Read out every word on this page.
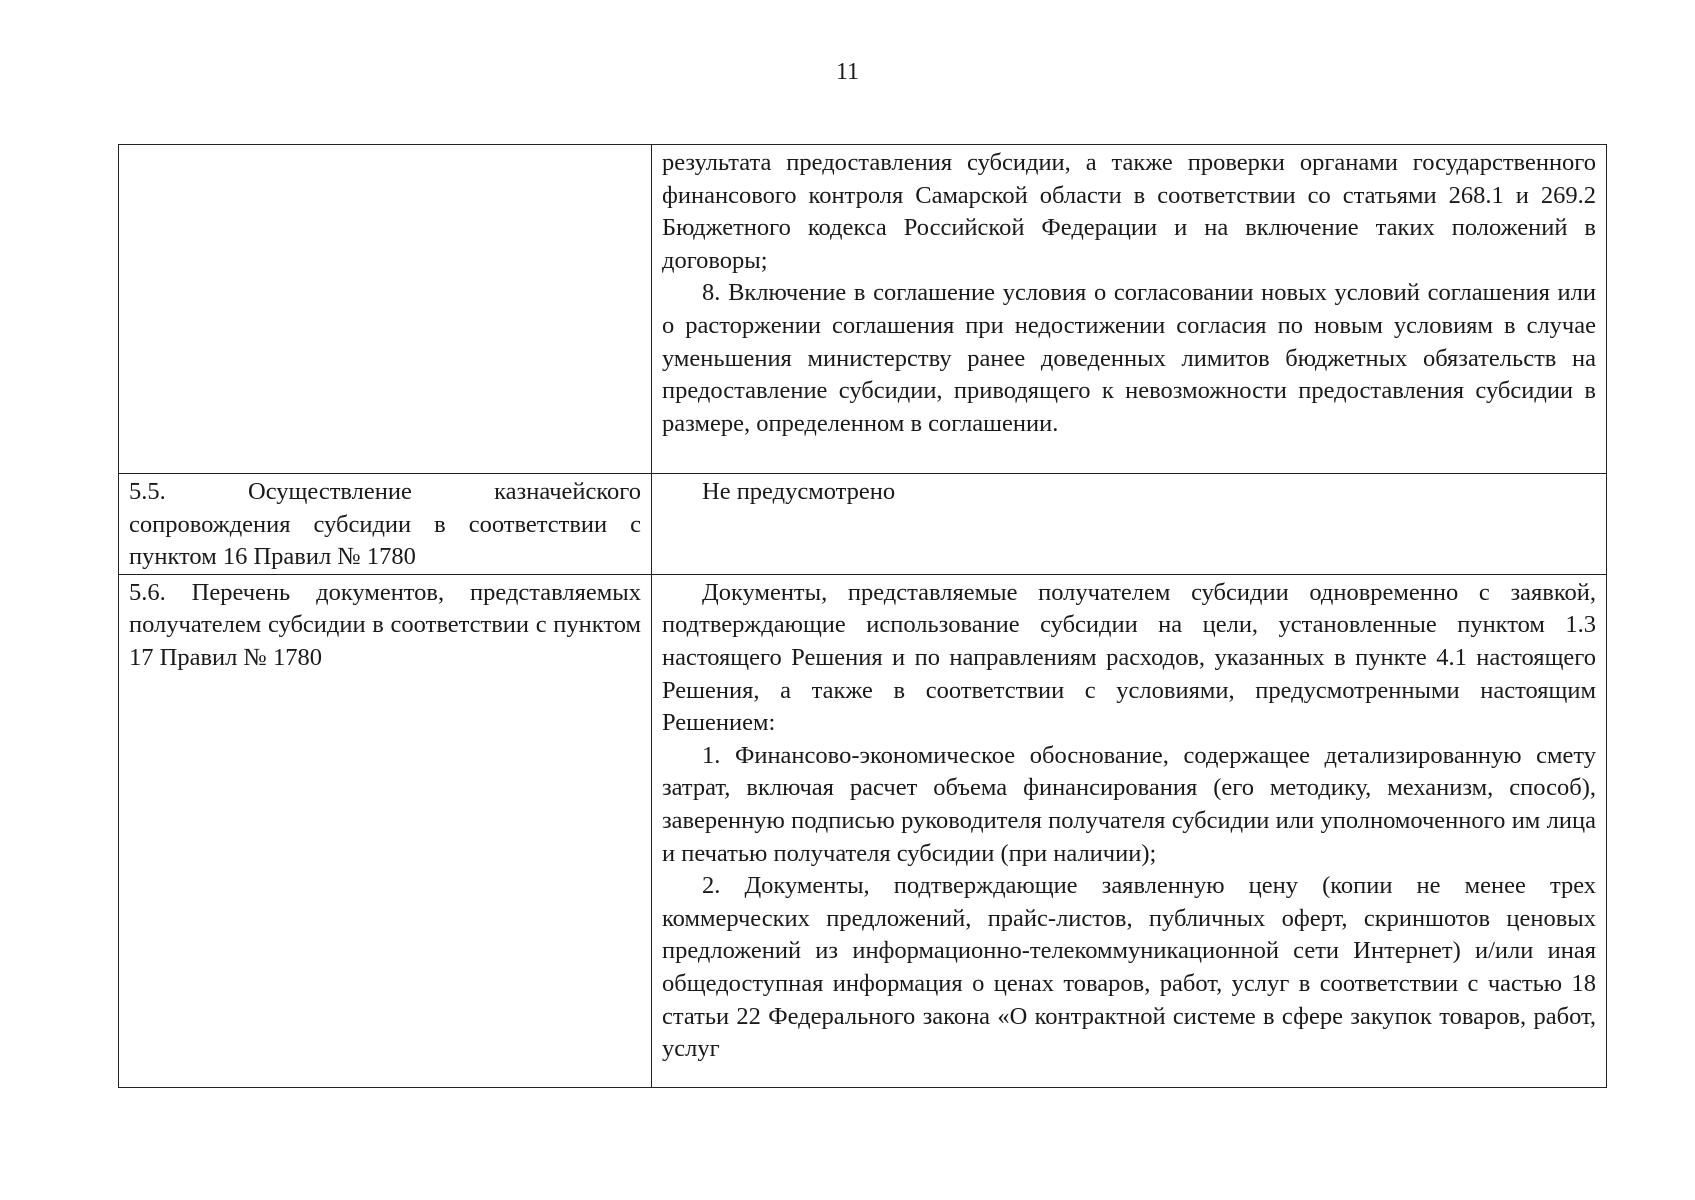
11

	результата предоставления субсидии, а также проверки органами государственного финансового контроля Самарской области в соответствии со статьями 268.1 и 269.2 Бюджетного кодекса Российской Федерации и на включение таких положений в договоры;

8. Включение в соглашение условия о согласовании новых условий соглашения или о расторжении соглашения при недостижении согласия по новым условиям в случае уменьшения министерству ранее доведенных лимитов бюджетных обязательств на предоставление субсидии, приводящего к невозможности предоставления субсидии в размере, определенном в соглашении.

5.5. Осуществление казначейского сопровождения субсидии в соответствии с пунктом 16 Правил № 1780	Не предусмотрено

5.6. Перечень документов, представляемых получателем субсидии в соответствии с пунктом 17 Правил № 1780	Документы, представляемые получателем субсидии одновременно с заявкой, подтверждающие использование субсидии на цели, установленные пунктом 1.3 настоящего Решения и по направлениям расходов, указанных в пункте 4.1 настоящего Решения, а также в соответствии с условиями, предусмотренными настоящим Решением:

1. Финансово-экономическое обоснование, содержащее детализированную смету затрат, включая расчет объема финансирования (его методику, механизм, способ), заверенную подписью руководителя получателя субсидии или уполномоченного им лица и печатью получателя субсидии (при наличии);

2. Документы, подтверждающие заявленную цену (копии не менее трех коммерческих предложений, прайс-листов, публичных оферт, скриншотов ценовых предложений из информационно-телекоммуникационной сети Интернет) и/или иная общедоступная информация о ценах товаров, работ, услуг в соответствии с частью 18 статьи 22 Федерального закона «О контрактной системе в сфере закупок товаров, работ, услуг
